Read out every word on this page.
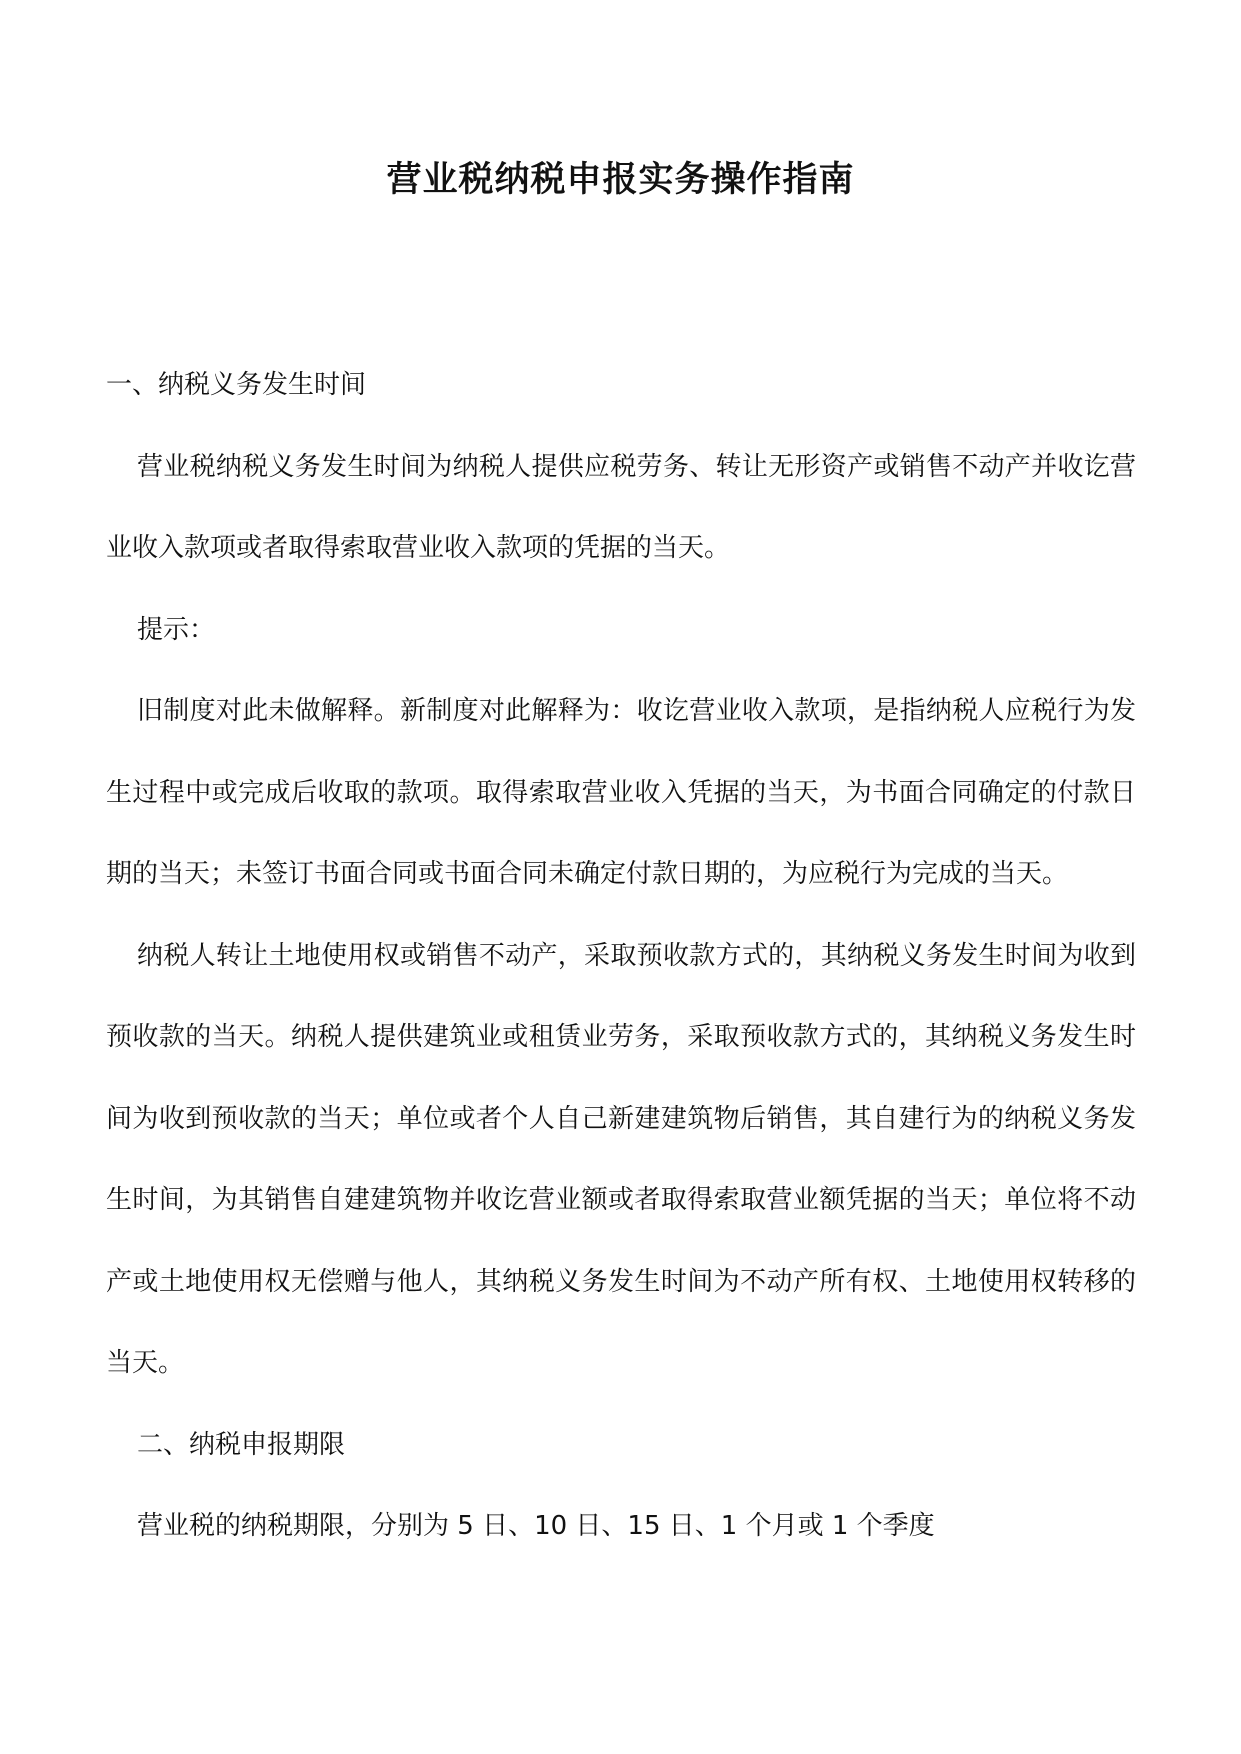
营业税纳税申报实务操作指南

一、纳税义务发生时间

营业税纳税义务发生时间为纳税人提供应税劳务、转让无形资产或销售不动产并收讫营业收入款项或者取得索取营业收入款项的凭据的当天。

提示：

旧制度对此未做解释。新制度对此解释为：收讫营业收入款项，是指纳税人应税行为发生过程中或完成后收取的款项。取得索取营业收入凭据的当天，为书面合同确定的付款日期的当天；未签订书面合同或书面合同未确定付款日期的，为应税行为完成的当天。

纳税人转让土地使用权或销售不动产，采取预收款方式的，其纳税义务发生时间为收到预收款的当天。纳税人提供建筑业或租赁业劳务，采取预收款方式的，其纳税义务发生时间为收到预收款的当天；单位或者个人自己新建建筑物后销售，其自建行为的纳税义务发生时间，为其销售自建建筑物并收讫营业额或者取得索取营业额凭据的当天；单位将不动产或土地使用权无偿赠与他人，其纳税义务发生时间为不动产所有权、土地使用权转移的当天。

二、纳税申报期限

营业税的纳税期限，分别为 5 日、10 日、15 日、1 个月或 1 个季度
